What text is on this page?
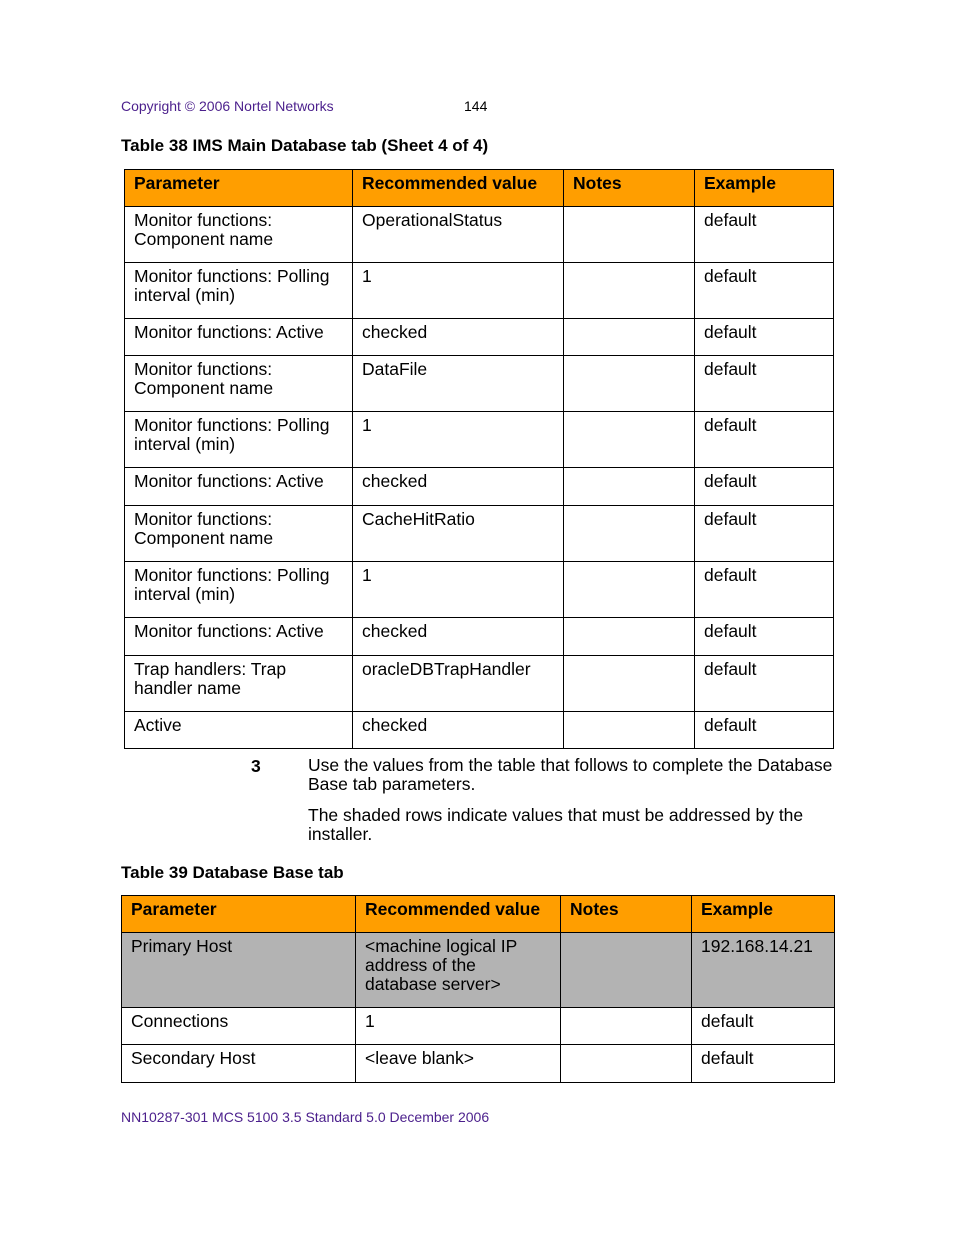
Copyright © 2006 Nortel Networks	144
Table 38 IMS Main Database tab (Sheet 4 of 4)
Parameter	Recommended value	Notes	Example
Monitor functions: Component name	OperationalStatus		default
Monitor functions: Polling interval (min)	1		default
Monitor functions: Active	checked		default
Monitor functions: Component name	DataFile		default
Monitor functions: Polling interval (min)	1		default
Monitor functions: Active	checked		default
Monitor functions: Component name	CacheHitRatio		default
Monitor functions: Polling interval (min)	1		default
Monitor functions: Active	checked		default
Trap handlers: Trap handler name	oracleDBTrapHandler		default
Active	checked		default
3	Use the values from the table that follows to complete the Database Base tab parameters.
The shaded rows indicate values that must be addressed by the installer.
Table 39 Database Base tab
Parameter	Recommended value	Notes	Example
Primary Host	<machine logical IP address of the database server>		192.168.14.21
Connections	1		default
Secondary Host	<leave blank>		default
NN10287-301 MCS 5100 3.5 Standard 5.0 December 2006
